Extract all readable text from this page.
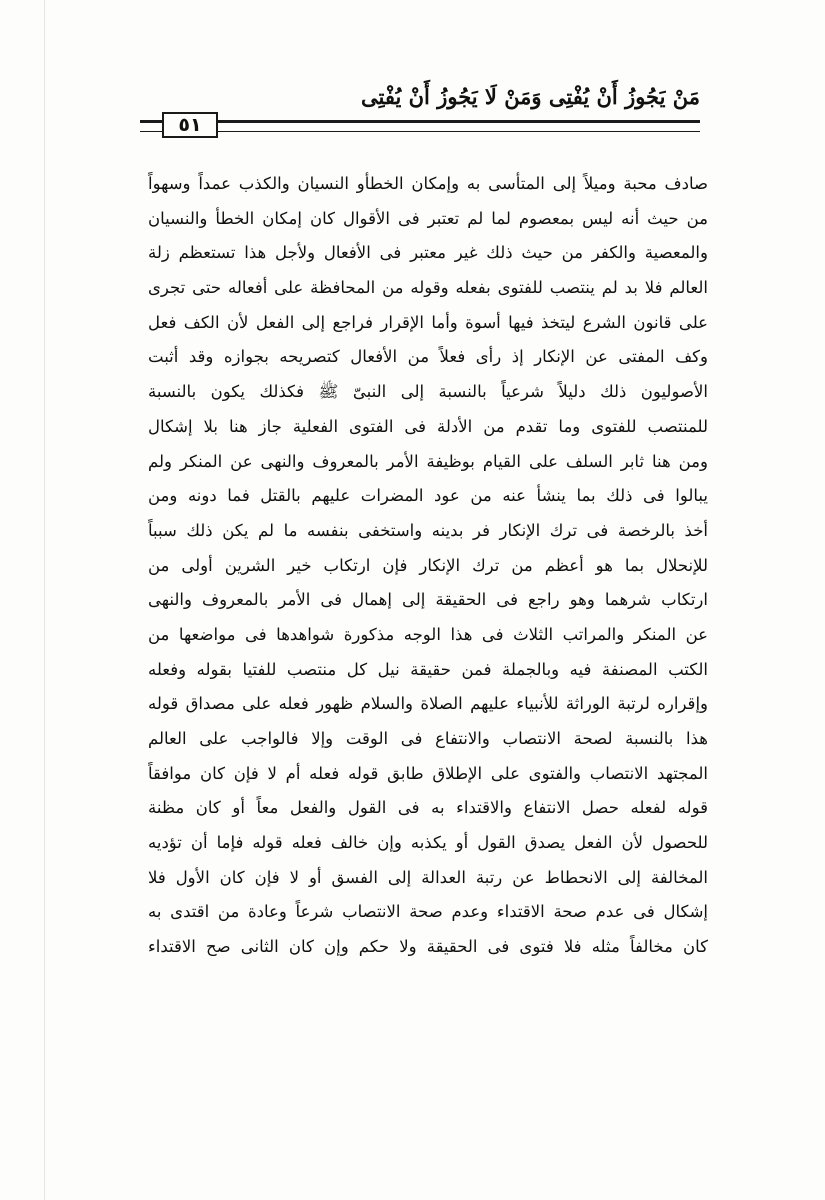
مَنْ يَجُوزُ أَنْ يُفْتِى وَمَنْ لَا يَجُوزُ أَنْ يُفْتِى
٥١
صادف محبة وميلاً إلى المتأسى به وإمكان الخطأو النسيان والكذب عمداً وسهواً
من حيث أنه ليس بمعصوم لما لم تعتبر فى الأقوال كان إمكان الخطأ والنسيان
والمعصية والكفر من حيث ذلك غير معتبر فى الأفعال ولأجل هذا تستعظم زلة
العالم فلا بد لم ينتصب للفتوى بفعله وقوله من المحافظة على أفعاله حتى تجرى
على قانون الشرع ليتخذ فيها أسوة وأما الإقرار فراجع إلى الفعل لأن الكف فعل
وكف المفتى عن الإنكار إذ رأى فعلاً من الأفعال كتصريحه بجوازه وقد أثبت
الأصوليون ذلك دليلاً شرعياً بالنسبة إلى النبىّ ﷺ فكذلك يكون بالنسبة
للمنتصب للفتوى وما تقدم من الأدلة فى الفتوى الفعلية جاز هنا بلا إشكال
ومن هنا ثابر السلف على القيام بوظيفة الأمر بالمعروف والنهى عن المنكر ولم
يبالوا فى ذلك بما ينشأ عنه من عود المضرات عليهم بالقتل فما دونه ومن
أخذ بالرخصة فى ترك الإنكار فر بدينه واستخفى بنفسه ما لم يكن ذلك سبباً
للإنحلال بما هو أعظم من ترك الإنكار فإن ارتكاب خير الشرين أولى من
ارتكاب شرهما وهو راجع فى الحقيقة إلى إهمال فى الأمر بالمعروف والنهى
عن المنكر والمراتب الثلاث فى هذا الوجه مذكورة شواهدها فى مواضعها من
الكتب المصنفة فيه وبالجملة فمن حقيقة نيل كل منتصب للفتيا بقوله وفعله
وإقراره لرتبة الوراثة للأنبياء عليهم الصلاة والسلام ظهور فعله على مصداق قوله
هذا بالنسبة لصحة الانتصاب والانتفاع فى الوقت وإلا فالواجب على العالم
المجتهد الانتصاب والفتوى على الإطلاق طابق قوله فعله أم لا فإن كان موافقاً
قوله لفعله حصل الانتفاع والاقتداء به فى القول والفعل معاً أو كان مظنة
للحصول لأن الفعل يصدق القول أو يكذبه وإن خالف فعله قوله فإما أن تؤديه
المخالفة إلى الانحطاط عن رتبة العدالة إلى الفسق أو لا فإن كان الأول فلا
إشكال فى عدم صحة الاقتداء وعدم صحة الانتصاب شرعاً وعادة من اقتدى به
كان مخالفاً مثله فلا فتوى فى الحقيقة ولا حكم وإن كان الثانى صح الاقتداء
